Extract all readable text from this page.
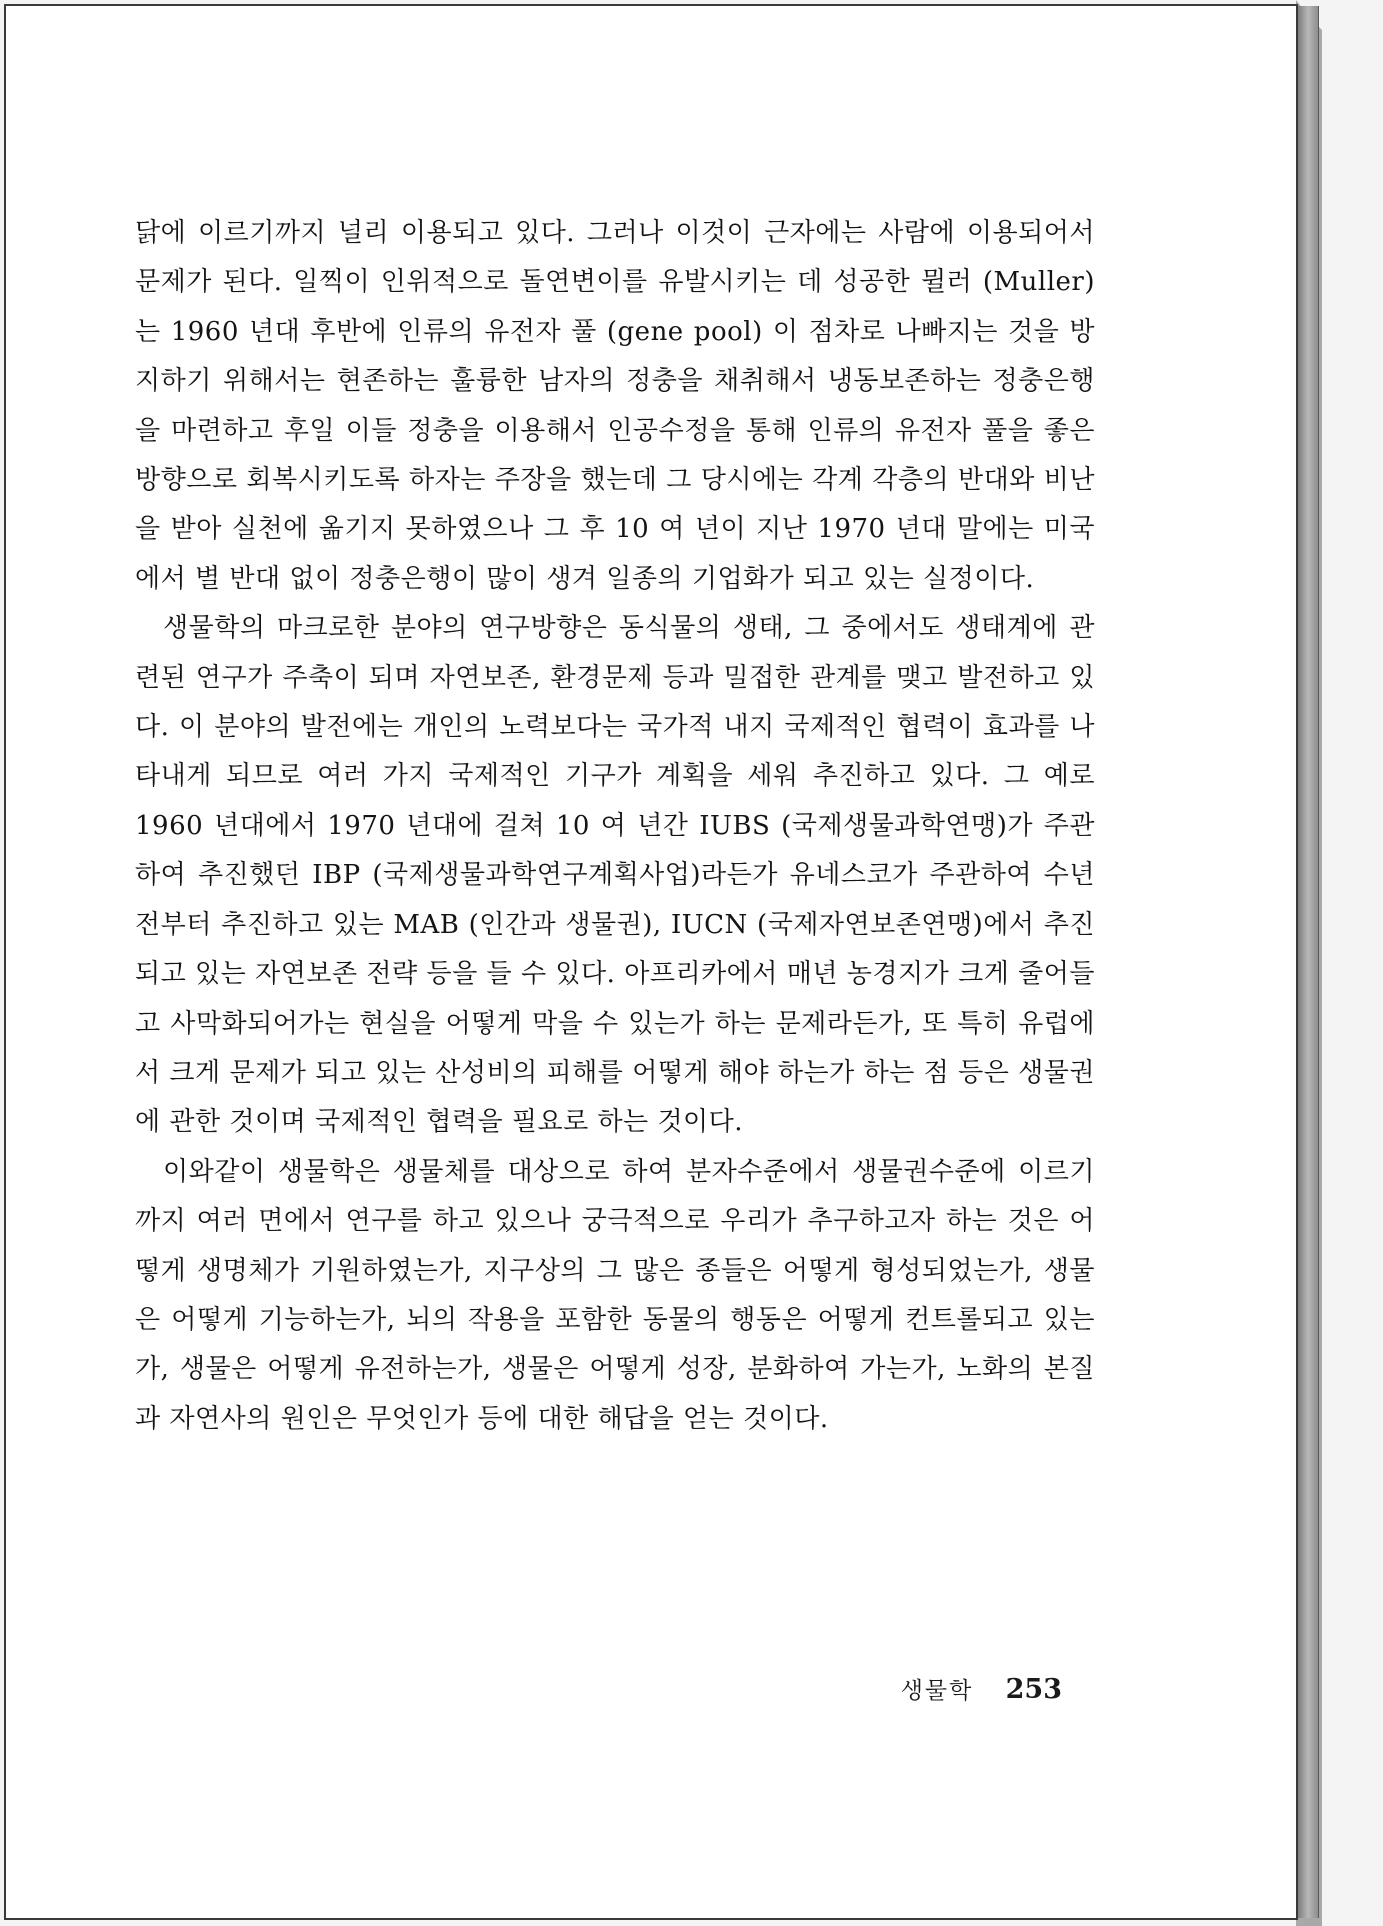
닭에 이르기까지 널리 이용되고 있다. 그러나 이것이 근자에는 사람에 이용되어서 문제가 된다. 일찍이 인위적으로 돌연변이를 유발시키는 데 성공한 뮐러 (Muller) 는 1960 년대 후반에 인류의 유전자 풀 (gene pool) 이 점차로 나빠지는 것을 방지하기 위해서는 현존하는 훌륭한 남자의 정충을 채취해서 냉동보존하는 정충은행을 마련하고 후일 이들 정충을 이용해서 인공수정을 통해 인류의 유전자 풀을 좋은 방향으로 회복시키도록 하자는 주장을 했는데 그 당시에는 각계 각층의 반대와 비난을 받아 실천에 옮기지 못하였으나 그 후 10 여 년이 지난 1970 년대 말에는 미국에서 별 반대 없이 정충은행이 많이 생겨 일종의 기업화가 되고 있는 실정이다.

생물학의 마크로한 분야의 연구방향은 동식물의 생태, 그 중에서도 생태계에 관련된 연구가 주축이 되며 자연보존, 환경문제 등과 밀접한 관계를 맺고 발전하고 있다. 이 분야의 발전에는 개인의 노력보다는 국가적 내지 국제적인 협력이 효과를 나타내게 되므로 여러 가지 국제적인 기구가 계획을 세워 추진하고 있다. 그 예로 1960 년대에서 1970 년대에 걸쳐 10 여 년간 IUBS (국제생물과학연맹)가 주관하여 추진했던 IBP (국제생물과학연구계획사업)라든가 유네스코가 주관하여 수년 전부터 추진하고 있는 MAB (인간과 생물권), IUCN (국제자연보존연맹)에서 추진되고 있는 자연보존 전략 등을 들 수 있다. 아프리카에서 매년 농경지가 크게 줄어들고 사막화되어가는 현실을 어떻게 막을 수 있는가 하는 문제라든가, 또 특히 유럽에서 크게 문제가 되고 있는 산성비의 피해를 어떻게 해야 하는가 하는 점 등은 생물권에 관한 것이며 국제적인 협력을 필요로 하는 것이다.

이와같이 생물학은 생물체를 대상으로 하여 분자수준에서 생물권수준에 이르기까지 여러 면에서 연구를 하고 있으나 궁극적으로 우리가 추구하고자 하는 것은 어떻게 생명체가 기원하였는가, 지구상의 그 많은 종들은 어떻게 형성되었는가, 생물은 어떻게 기능하는가, 뇌의 작용을 포함한 동물의 행동은 어떻게 컨트롤되고 있는가, 생물은 어떻게 유전하는가, 생물은 어떻게 성장, 분화하여 가는가, 노화의 본질과 자연사의 원인은 무엇인가 등에 대한 해답을 얻는 것이다.

생물학 253
